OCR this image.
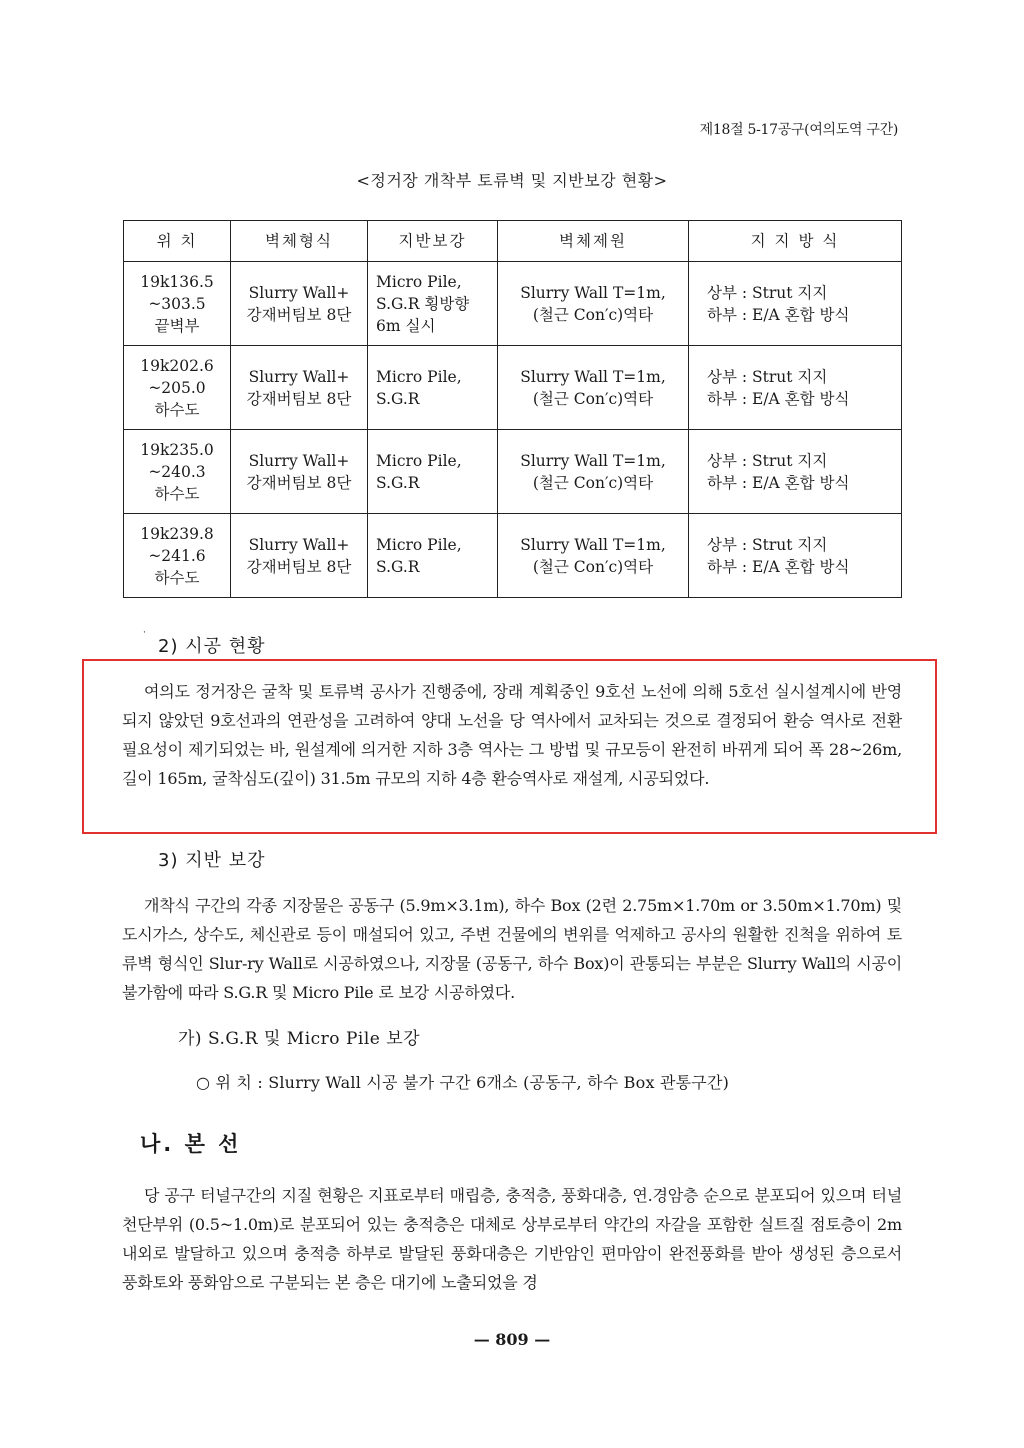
제18절 5-17공구(여의도역 구간)
<정거장 개착부 토류벽 및 지반보강 현황>
위 치	벽체형식	지반보강	벽체제원	지 지 방 식

19k136.5
~303.5
끝벽부	Slurry Wall+
강재버팀보 8단	Micro Pile,
S.G.R 횡방향
6m 실시	Slurry Wall T=1m,
(철근 Con′c)역타	상부 : Strut 지지
하부 : E/A 혼합 방식

19k202.6
~205.0
하수도	Slurry Wall+
강재버팀보 8단	Micro Pile,
S.G.R	Slurry Wall T=1m,
(철근 Con′c)역타	상부 : Strut 지지
하부 : E/A 혼합 방식

19k235.0
~240.3
하수도	Slurry Wall+
강재버팀보 8단	Micro Pile,
S.G.R	Slurry Wall T=1m,
(철근 Con′c)역타	상부 : Strut 지지
하부 : E/A 혼합 방식

19k239.8
~241.6
하수도	Slurry Wall+
강재버팀보 8단	Micro Pile,
S.G.R	Slurry Wall T=1m,
(철근 Con′c)역타	상부 : Strut 지지
하부 : E/A 혼합 방식
·
2) 시공 현황

여의도 정거장은 굴착 및 토류벽 공사가 진행중에, 장래 계획중인 9호선 노선에 의해 5호선 실시설계시에 반영되지 않았던 9호선과의 연관성을 고려하여 양대 노선을 당 역사에서 교차되는 것으로 결정되어 환승 역사로 전환 필요성이 제기되었는 바, 원설계에 의거한 지하 3층 역사는 그 방법 및 규모등이 완전히 바뀌게 되어 폭 28~26m, 길이 165m, 굴착심도(깊이) 31.5m 규모의 지하 4층 환승역사로 재설계, 시공되었다.

3) 지반 보강

개착식 구간의 각종 지장물은 공동구 (5.9m×3.1m), 하수 Box (2련 2.75m×1.70m or 3.50m×1.70m) 및 도시가스, 상수도, 체신관로 등이 매설되어 있고, 주변 건물에의 변위를 억제하고 공사의 원활한 진척을 위하여 토류벽 형식인 Slur-ry Wall로 시공하였으나, 지장물 (공동구, 하수 Box)이 관통되는 부분은 Slurry Wall의 시공이 불가함에 따라 S.G.R 및 Micro Pile 로 보강 시공하였다.

가) S.G.R 및 Micro Pile 보강
○ 위 치 : Slurry Wall 시공 불가 구간 6개소 (공동구, 하수 Box 관통구간)
나. 본 선

당 공구 터널구간의 지질 현황은 지표로부터 매립층, 충적층, 풍화대층, 연.경암층 순으로 분포되어 있으며 터널 천단부위 (0.5~1.0m)로 분포되어 있는 충적층은 대체로 상부로부터 약간의 자갈을 포함한 실트질 점토층이 2m 내외로 발달하고 있으며 충적층 하부로 발달된 풍화대층은 기반암인 편마암이 완전풍화를 받아 생성된 층으로서 풍화토와 풍화암으로 구분되는 본 층은 대기에 노출되었을 경

— 809 —
